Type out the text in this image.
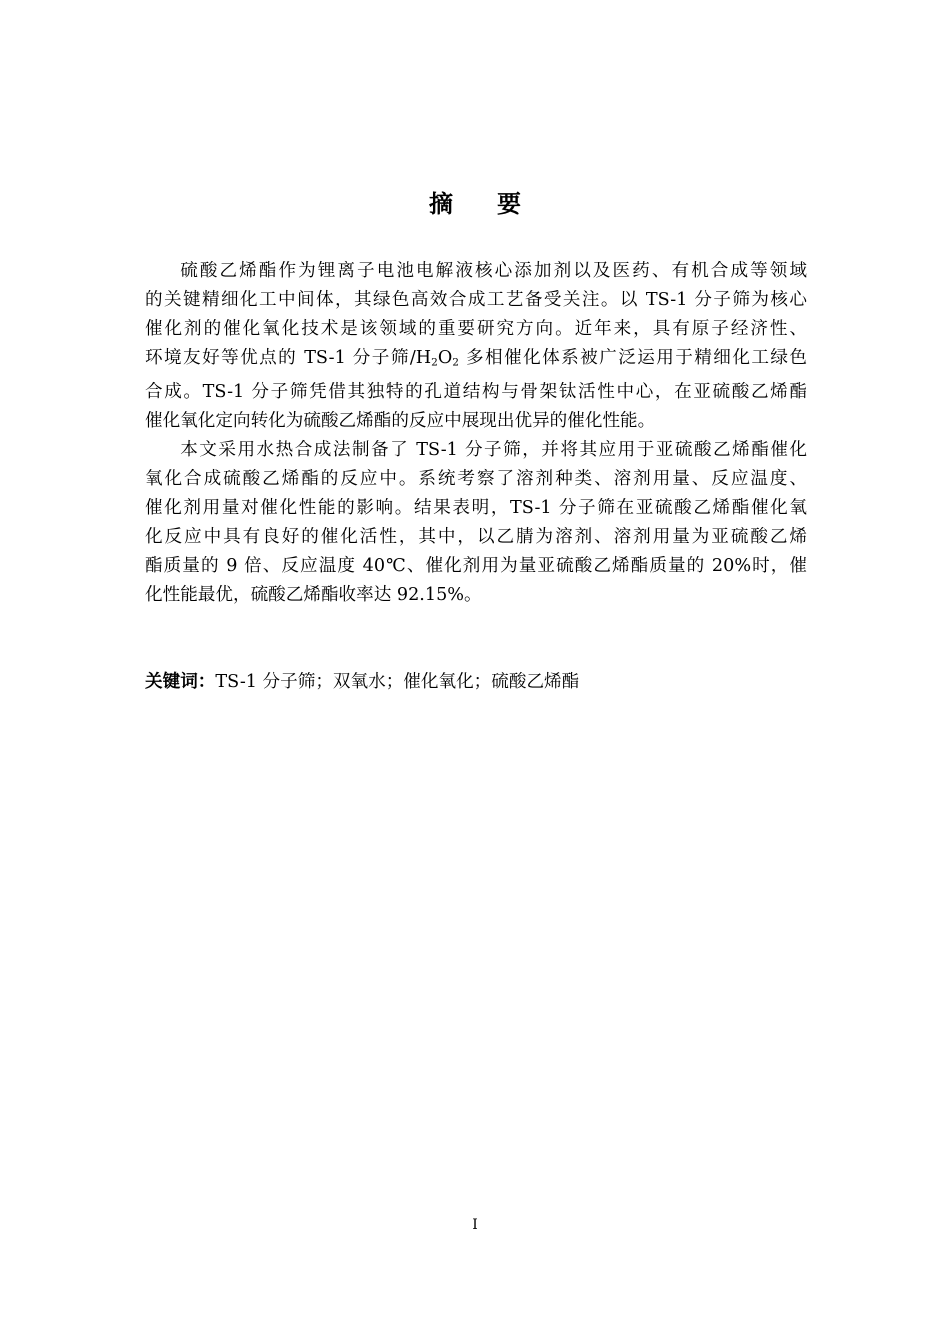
摘 要
硫酸乙烯酯作为锂离子电池电解液核心添加剂以及医药、有机合成等领域
的关键精细化工中间体，其绿色高效合成工艺备受关注。以 TS-1 分子筛为核心
催化剂的催化氧化技术是该领域的重要研究方向。近年来，具有原子经济性、
环境友好等优点的 TS-1 分子筛$/H_2O_2$ 多相催化体系被广泛运用于精细化工绿色
合成。TS-1 分子筛凭借其独特的孔道结构与骨架钛活性中心，在亚硫酸乙烯酯
催化氧化定向转化为硫酸乙烯酯的反应中展现出优异的催化性能。
本文采用水热合成法制备了 TS-1 分子筛，并将其应用于亚硫酸乙烯酯催化
氧化合成硫酸乙烯酯的反应中。系统考察了溶剂种类、溶剂用量、反应温度、
催化剂用量对催化性能的影响。结果表明，TS-1 分子筛在亚硫酸乙烯酯催化氧
化反应中具有良好的催化活性，其中，以乙腈为溶剂、溶剂用量为亚硫酸乙烯
酯质量的 9 倍、反应温度 40℃、催化剂用为量亚硫酸乙烯酯质量的 20%时，催
化性能最优，硫酸乙烯酯收率达 92.15%。
关键词：TS-1 分子筛；双氧水；催化氧化；硫酸乙烯酯
I
